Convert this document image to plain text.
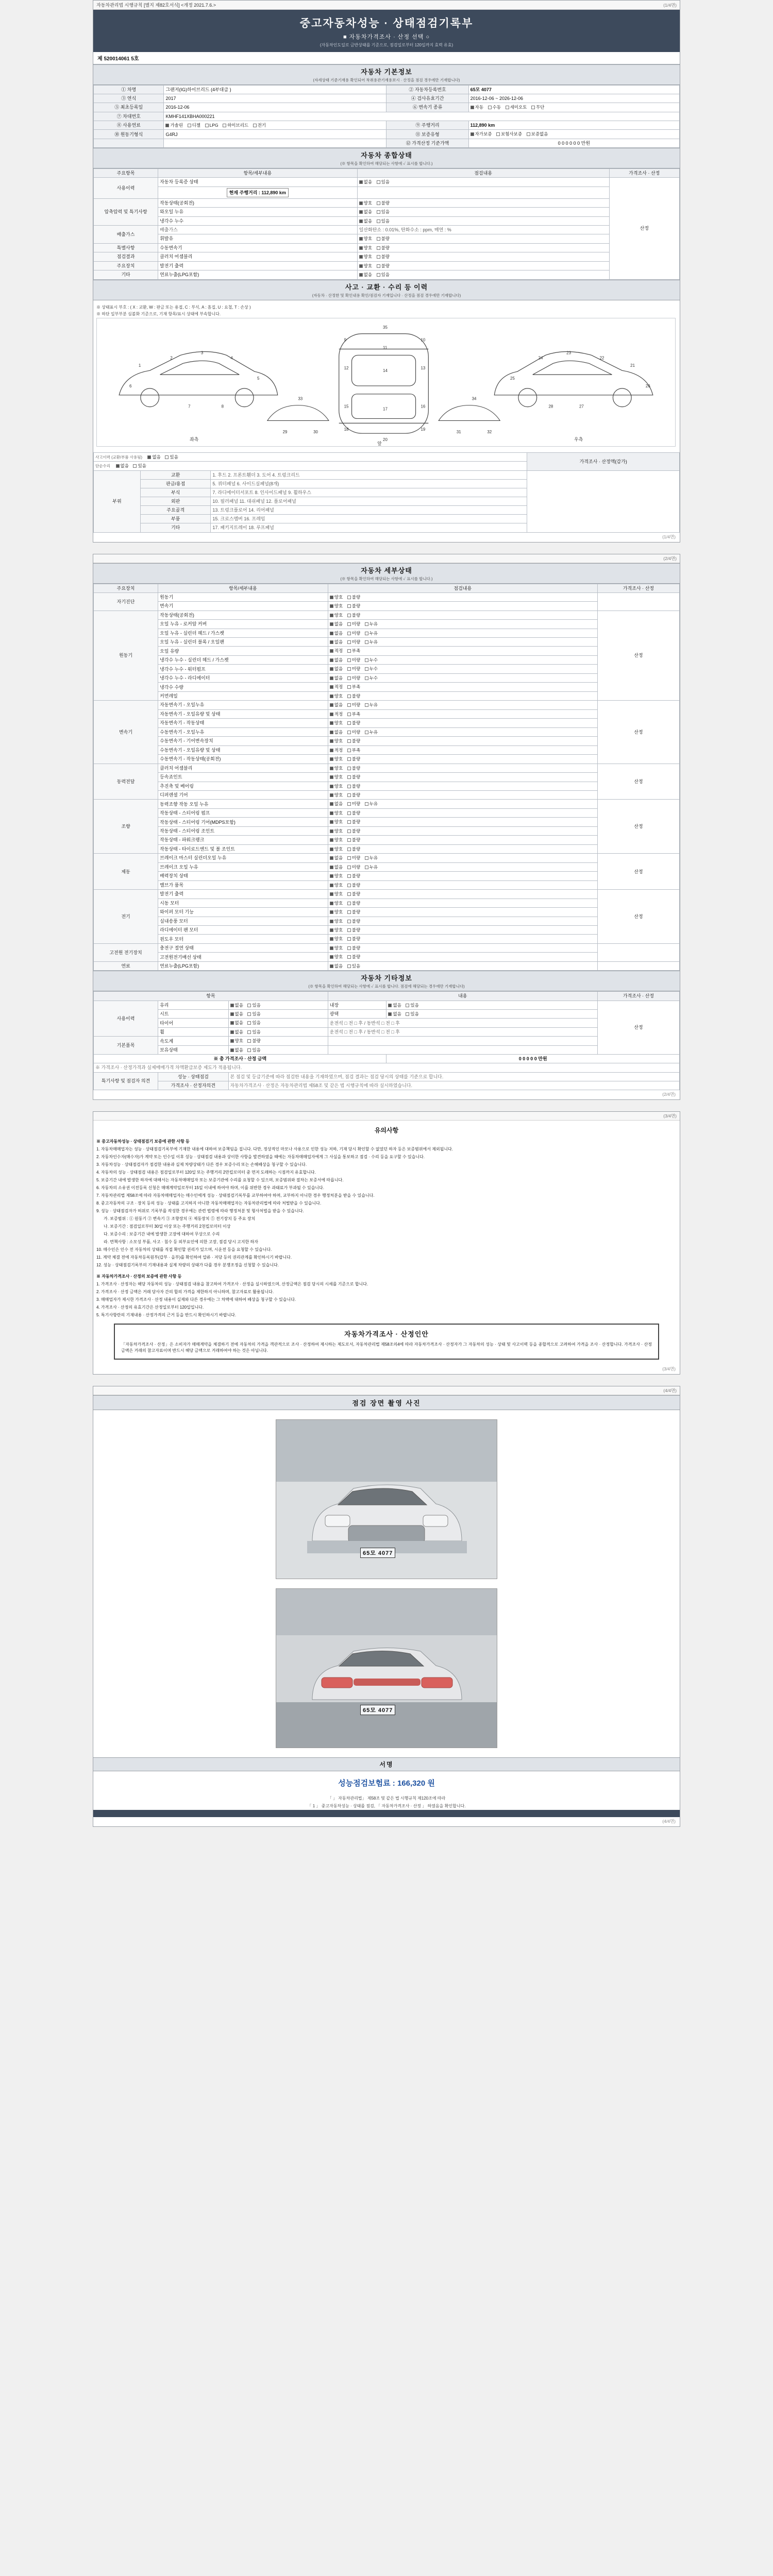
자동차관리법 시행규칙 [별지 제82호서식] <개정 2021.7.6.>	(1/4면)
중고자동차성능 · 상태점검기록부
■ 자동차가격조사 · 산정 선택 ○
(자동차인도일로 금반상태를 기준으로, 점검일로부터 120일까지 효력 유효)
제 520014061 5호
자동차 기본정보
(자세상태 기준기재용 확인되어 착취용관기재용보시 · 산정을 점검 경우에만 기재합니다)
① 차명	그랜저(IG)하이브리드 (4부대급 )	② 자동차등록번호	65모 4077
③ 연식	2017	④ 검사유효기간	2016-12-06 ~ 2026-12-06
⑤ 최초등록일	2016-12-06	⑥ 변속기 종류	자동 수동 세미오토 무단
⑦ 차대번호	KMHF141XBHA000221		
⑧ 사용연료	가솔린 디젤 LPG 하이브리드 전기	⑨ 주행거리	112,890 km
⑩ 원동기형식	G4RJ	⑪ 보증유형	자가보증 보험사보증 보증없음
		⑫ 가격산정 기준가액	0 0 0 0 0 0 만원
자동차 종합상태
(※ 항목을 확인하여 해당되는 사항에 ✓ 표시를 합니다.)
주요항목	항목/세부내용	점검내용	가격조사 · 산정
사용이력	자동차 등록증 상태	없음 있음	산정
	현재 주행거리 : 112,890 km		
압축압력 및 특기사항	작동상태(공회전)	양호 불량	
	와오일 누유	없음 있음	
	냉각수 누수	없음 있음	
배출가스	배출가스	일산화탄소 : 0.01%, 탄화수소 : ppm, 매연 : %	
	휘발유	양호 불량	
특별사항	수동변속기	양호 불량	
점검결과	클러치 어셈블리	양호 불량	
주요장치	발전기 출력	양호 불량	
기타	연료누출(LPG포함)	없음 있음	
사고 · 교환 · 수리 등 이력
(자동차 · 산정한 및 확인내용 확인/점검자 기재입니다 · 산정을 점검 경우에만 기재합니다)
※ 상태표시 부호 : ( X : 교환, W : 판금 또는 용접, C : 부식, A : 흠집, U : 요철, T : 손상 )
※ 하단 일부부분 심볼화 기준으로, 기재 항목/표시 상태에 부속합니다.
1
2
3
4
5
6
7	8
9	10
11
12	13
14
15	16
17
18	19
20
21
22
23
24
25
26
27
28
29	30	31	32
33	34
35
좌측
앞
우측
사고이력 (교환/부품 사용됨) 없음 있음			가격조사 · 산정액(감가)
단순수리 없음 있음			
부위	교환	1. 후드 2. 프론트휀더 3. 도어 4. 트렁크리드	
	판금/용접	5. 쿼터패널 6. 사이드실패널(8개)	
	부식	7. 라디에이터서포트 8. 인사이드패널 9. 휠하우스	
	외판	10. 필러패널 11. 대쉬패널 12. 플로어패널	
	주요골격	13. 트렁크플로어 14. 리어패널	
	부품	15. 크로스멤버 16. 프레임	
	기타	17. 패키지트레이 18. 루프패널	
(1/4면)

(2/4면)
자동차 세부상태
(※ 항목을 확인하여 해당되는 사항에 ✓ 표시를 합니다.)
주요장치	항목/세부내용	점검내용	가격조사 · 산정
자기진단	원동기	양호 불량	
	변속기	양호 불량	
원동기	작동상태(공회전)	양호 불량	산정
	오일 누유 - 로커암 커버	없음 미량 누유	
	오일 누유 - 실린더 헤드 / 가스켓	없음 미량 누유	
	오일 누유 - 실린더 블록 / 오일팬	없음 미량 누유	
	오일 유량	적정 부족	
	냉각수 누수 - 실린더 헤드 / 가스켓	없음 미량 누수	
	냉각수 누수 - 워터펌프	없음 미량 누수	
	냉각수 누수 - 라디에이터	없음 미량 누수	
	냉각수 수량	적정 부족	
	커먼레일	양호 불량	
변속기	자동변속기 - 오일누유	없음 미량 누유	산정
	자동변속기 - 오일유량 및 상태	적정 부족	
	자동변속기 - 작동상태	양호 불량	
	수동변속기 - 오일누유	없음 미량 누유	
	수동변속기 - 기어변속장치	양호 불량	
	수동변속기 - 오일유량 및 상태	적정 부족	
	수동변속기 - 작동상태(공회전)	양호 불량	
동력전달	클러치 어셈블리	양호 불량	산정
	등속죠인트	양호 불량	
	추진축 및 베어링	양호 불량	
	디퍼렌셜 기어	양호 불량	
조향	동력조향 작동 오일 누유	없음 미량 누유	산정
	작동상태 - 스티어링 펌프	양호 불량	
	작동상태 - 스티어링 기어(MDPS포함)	양호 불량	
	작동상태 - 스티어링 조인트	양호 불량	
	작동상태 - 파워크랭크	양호 불량	
	작동상태 - 타이로드엔드 및 볼 조인트	양호 불량	
제동	브레이크 마스터 실린더오일 누유	없음 미량 누유	산정
	브레이크 오일 누유	없음 미량 누유	
	배력장치 상태	양호 불량	
	밸브가 품목	양호 불량	
전기	발전기 출력	양호 불량	산정
	시동 모터	양호 불량	
	와이퍼 모터 기능	양호 불량	
	실내송풍 모터	양호 불량	
	라디에이터 팬 모터	양호 불량	
	윈도우 모터	양호 불량	
고전원 전기장치	충전구 절연 상태	양호 불량	
	고전원전기배선 상태	양호 불량	
연료	연료누출(LPG포함)	없음 있음	
자동차 기타정보
(※ 항목을 확인하여 해당되는 사항에 ✓ 표시를 합니다. 점검에 해당되는 경우에만 기재합니다)
항목			내용		가격조사 · 산정
사용이력	유리	없음 있음	내장	없음 있음	산정
	시트	없음 있음	광택	없음 있음	
	타이어	없음 있음	운전석 □ 전 □ 후 / 동반석 □ 전 □ 후		
	휠	없음 있음	운전석 □ 전 □ 후 / 동반석 □ 전 □ 후		
기본품목	속도계	양호 불량			
	보유상태	없음 있음			
※ 총 가격조사 · 산정 금액				0 0 0 0 0 만원	
※ 가격조사 · 산정가격과 실제매매가격 차액환급보증 제도가 적용됩니다.					
특기사항 및 점검자 의견	성능 · 상태점검	본 점검 및 등급기준에 따라 점검한 내용을 기재하였으며, 점검 결과는 점검 당시의 상태를 기준으로 합니다.			
	가격조사 · 산정자의견	자동차가격조사 · 산정은 자동차관리법 제58조 및 같은 법 시행규칙에 따라 실시하였습니다.			
(2/4면)

(3/4면)
유의사항

※ 중고자동차성능 · 상태점검기 보증에 관한 사항 등

1. 자동차매매업자는 성능 · 상태점검기록부에 기재한 내용에 대하여 보증책임을 집니다. 다만, 정상적인 마모나 사용으로 인한 성능 저하, 기재 당시 확인할 수 없었던 하자 등은 보증범위에서 제외됩니다.

2. 자동차인수자(매수자)가 계약 또는 인수일 이후 성능 · 상태점검 내용과 상이한 사항을 발견하였을 때에는 자동차매매업자에게 그 사실을 통보하고 점검 · 수리 등을 요구할 수 있습니다.

3. 자동차성능 · 상태점검자가 점검한 내용과 실제 차량상태가 다른 경우 보증수리 또는 손해배상을 청구할 수 있습니다.

4. 자동차의 성능 · 상태점검 내용은 점검일로부터 120일 또는 주행거리 2만킬로미터 중 먼저 도래하는 시점까지 유효합니다.

5. 보증기간 내에 발생한 하자에 대해서는 자동차매매업자 또는 보증기관에 수리를 요청할 수 있으며, 보증범위와 절차는 보증서에 따릅니다.

6. 자동차의 소유권 이전등록 신청은 매매계약일로부터 15일 이내에 하여야 하며, 이를 위반한 경우 과태료가 부과될 수 있습니다.

7. 자동차관리법 제58조에 따라 자동차매매업자는 매수인에게 성능 · 상태점검기록부를 교부하여야 하며, 교부하지 아니한 경우 행정처분을 받을 수 있습니다.

8. 중고자동차의 구조 · 장치 등의 성능 · 상태를 고지하지 아니한 자동차매매업자는 자동차관리법에 따라 처벌받을 수 있습니다.

9. 성능 · 상태점검자가 허위로 기록부를 작성한 경우에는 관련 법령에 따라 행정처분 및 형사처벌을 받을 수 있습니다.

가. 보증범위 : ① 원동기 ② 변속기 ③ 조향장치 ④ 제동장치 ⑤ 전기장치 등 주요 장치

나. 보증기간 : 점검일로부터 30일 이상 또는 주행거리 2천킬로미터 이상

다. 보증수리 : 보증기간 내에 발생한 고장에 대하여 무상으로 수리

라. 면책사항 : 소모성 부품, 사고 · 침수 등 외부요인에 의한 고장, 점검 당시 고지한 하자

10. 매수인은 인수 전 자동차의 상태를 직접 확인할 권리가 있으며, 시운전 등을 요청할 수 있습니다.

11. 계약 체결 전에 자동차등록원부(갑부 · 을부)를 확인하여 압류 · 저당 등의 권리관계를 확인하시기 바랍니다.

12. 성능 · 상태점검기록부의 기재내용과 실제 차량의 상태가 다를 경우 분쟁조정을 신청할 수 있습니다.

※ 자동차가격조사 · 산정의 보증에 관한 사항 등

1. 가격조사 · 산정자는 해당 자동차의 성능 · 상태점검 내용을 참고하여 가격조사 · 산정을 실시하였으며, 산정금액은 점검 당시의 시세를 기준으로 합니다.

2. 가격조사 · 산정 금액은 거래 당사자 간의 합의 가격을 제한하지 아니하며, 참고자료로 활용됩니다.

3. 매매업자가 제시한 가격조사 · 산정 내용이 실제와 다른 경우에는 그 차액에 대하여 배상을 청구할 수 있습니다.

4. 가격조사 · 산정의 유효기간은 산정일로부터 120일입니다.

5. 특기사항란의 기재내용 · 산정가격의 근거 등을 반드시 확인하시기 바랍니다.

자동차가격조사 · 산정인안
「자동차가격조사 · 산정」은 소비자가 매매계약을 체결하기 전에 자동차의 가격을 객관적으로 조사 · 산정하여 제시하는 제도로서, 자동차관리법 제58조의4에 따라 자동차가격조사 · 산정자가 그 자동차의 성능 · 상태 및 사고이력 등을 종합적으로 고려하여 가격을 조사 · 산정합니다. 가격조사 · 산정 금액은 거래의 참고자료이며 반드시 해당 금액으로 거래하여야 하는 것은 아닙니다.
(3/4면)

(4/4면)
점검 장면 촬영 사진
65모 4077
65모 4077
서명
성능점검보험료 : 166,320 원
「 」 자동차관리법」 제58조 및 같은 법 시행규칙 제120조에 따라
「 1 」 중고자동차성능 · 상태를 점검, 「 자동차가격조사 · 산정 」 하였음을 확인합니다.
(4/4면)
